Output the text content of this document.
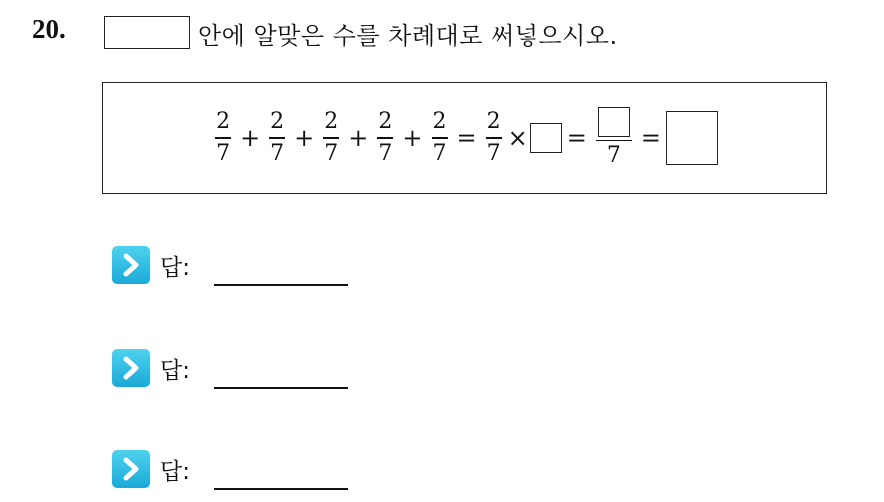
20.	안에 알맞은 수를 차례대로 써넣으시오.
$\frac{2}{7} + \frac{2}{7} + \frac{2}{7} + \frac{2}{7} + \frac{2}{7} = \frac{2}{7}$ × =
7
=
답:
답:
답:
